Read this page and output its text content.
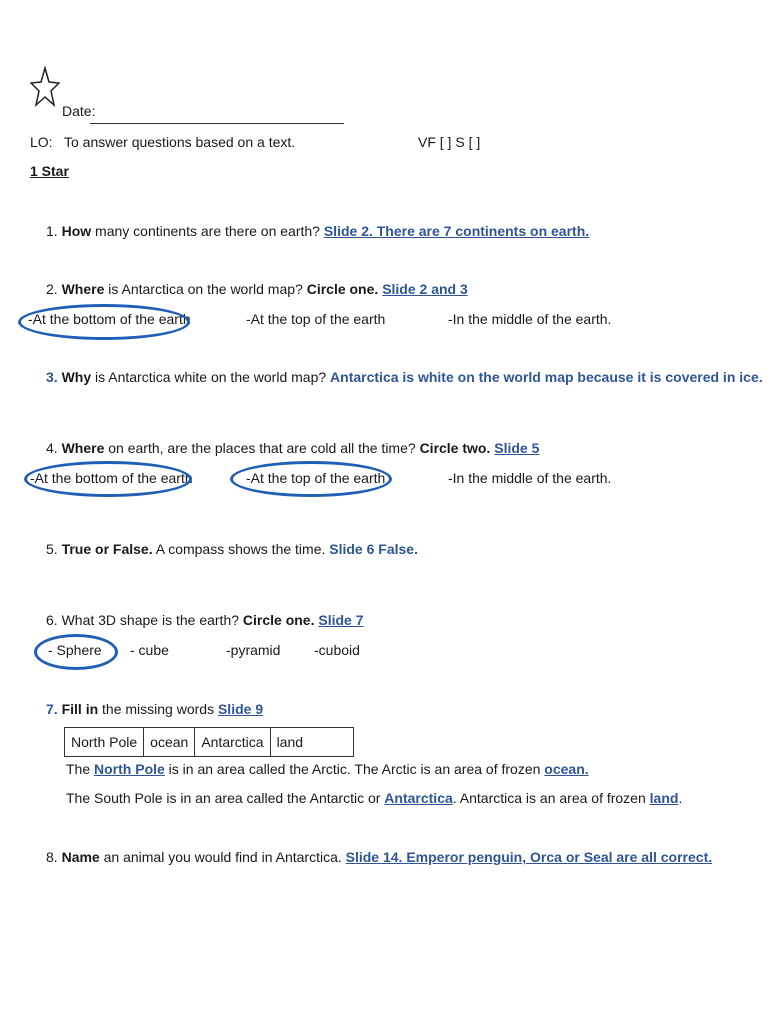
Date:
LO: To answer questions based on a text.	VF [ ] S [ ]
1 Star
1. How many continents are there on earth? Slide 2. There are 7 continents on earth.
2. Where is Antarctica on the world map? Circle one. Slide 2 and 3
-At the bottom of the earth	-At the top of the earth	-In the middle of the earth.
3. Why is Antarctica white on the world map? Antarctica is white on the world map because it is covered in ice.
4. Where on earth, are the places that are cold all the time? Circle two. Slide 5
-At the bottom of the earth	-At the top of the earth	-In the middle of the earth.
5. True or False. A compass shows the time. Slide 6 False.
6. What 3D shape is the earth? Circle one. Slide 7
- Sphere - cube	-pyramid -cuboid
7. Fill in the missing words Slide 9
North Pole	ocean	Antarctica	land
The North Pole is in an area called the Arctic. The Arctic is an area of frozen ocean.
The South Pole is in an area called the Antarctic or Antarctica. Antarctica is an area of frozen land.
8. Name an animal you would find in Antarctica. Slide 14. Emperor penguin, Orca or Seal are all correct.
